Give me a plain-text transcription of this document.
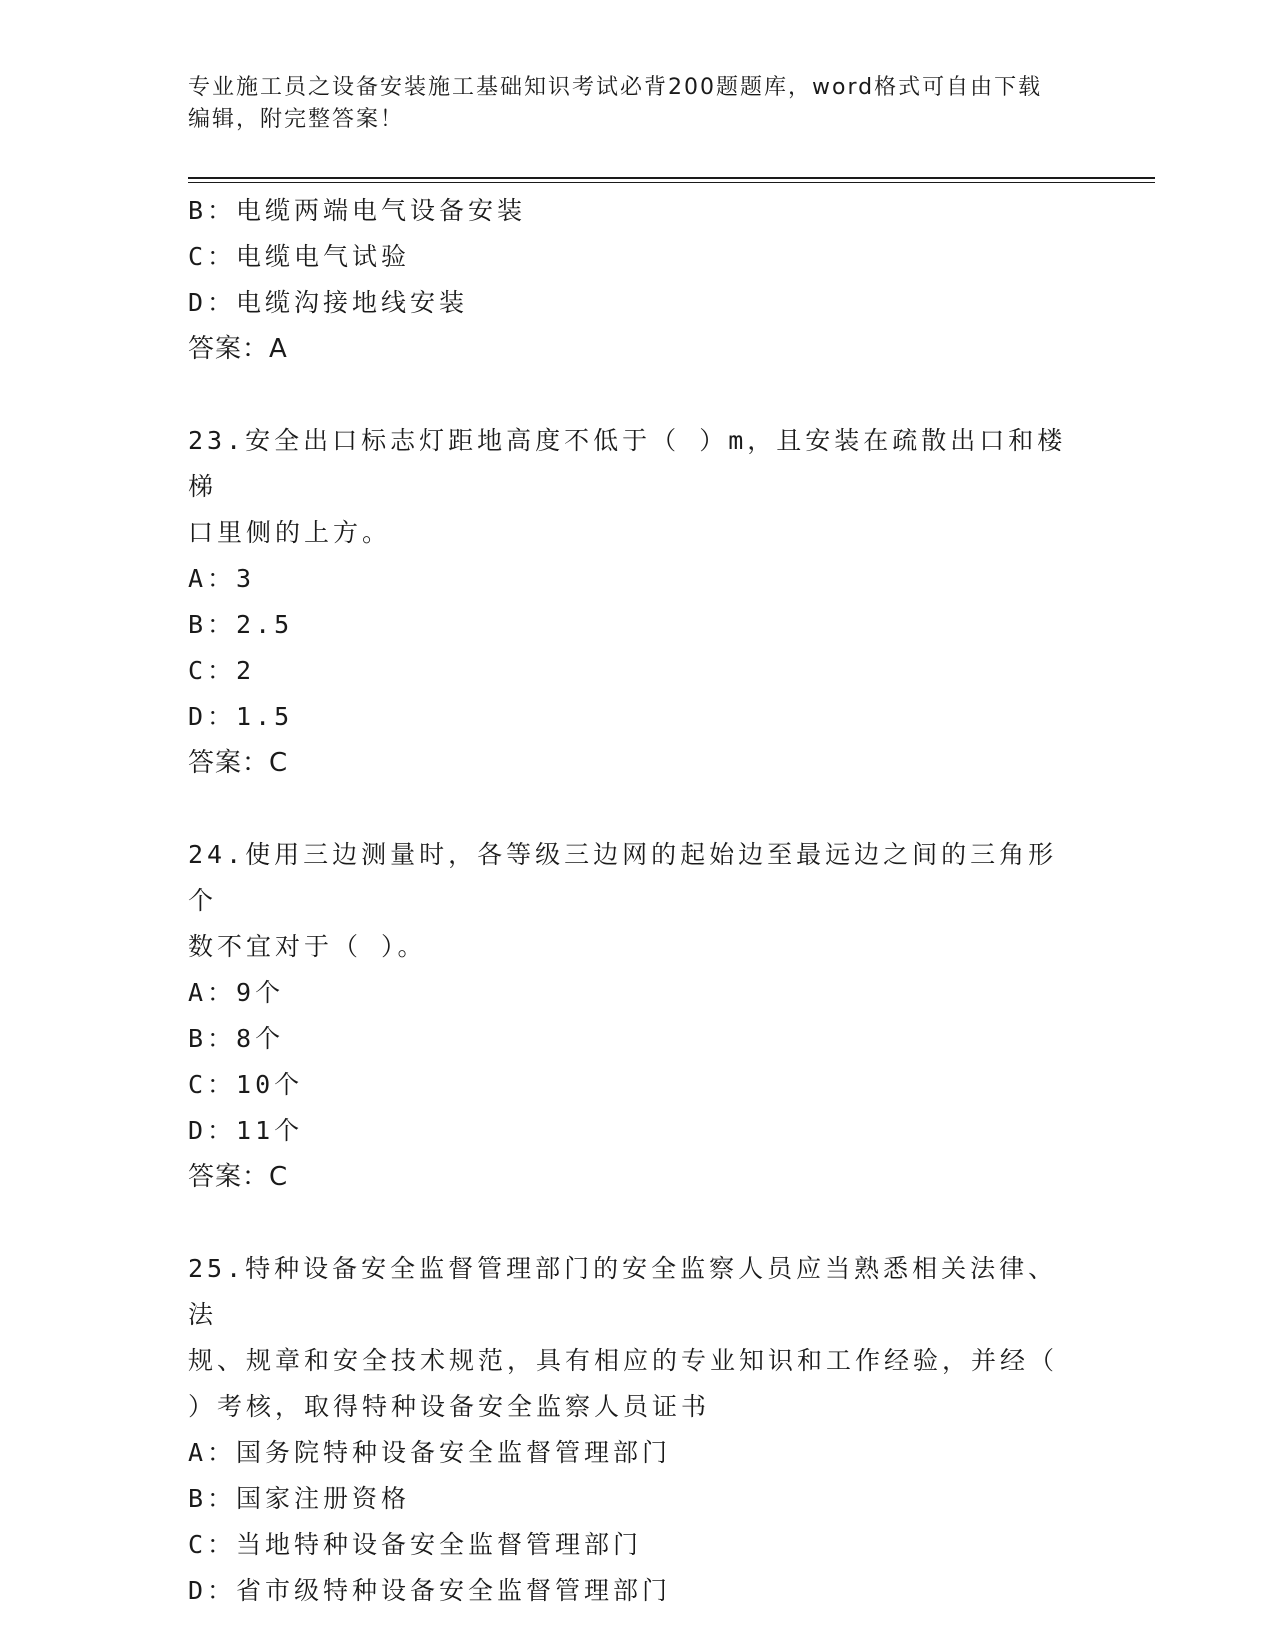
专业施工员之设备安装施工基础知识考试必背200题题库，word格式可自由下载
编辑，附完整答案！

B：电缆两端电气设备安装

C：电缆电气试验

D：电缆沟接地线安装

答案：A

23.安全出口标志灯距地高度不低于（ ）m，且安装在疏散出口和楼梯

口里侧的上方。

A：3

B：2.5

C：2

D：1.5

答案：C

24.使用三边测量时，各等级三边网的起始边至最远边之间的三角形个

数不宜对于（ ）。

A：9个

B：8个

C：10个

D：11个

答案：C

25.特种设备安全监督管理部门的安全监察人员应当熟悉相关法律、法

规、规章和安全技术规范，具有相应的专业知识和工作经验，并经（

）考核，取得特种设备安全监察人员证书

A：国务院特种设备安全监督管理部门

B：国家注册资格

C：当地特种设备安全监督管理部门

D：省市级特种设备安全监督管理部门
